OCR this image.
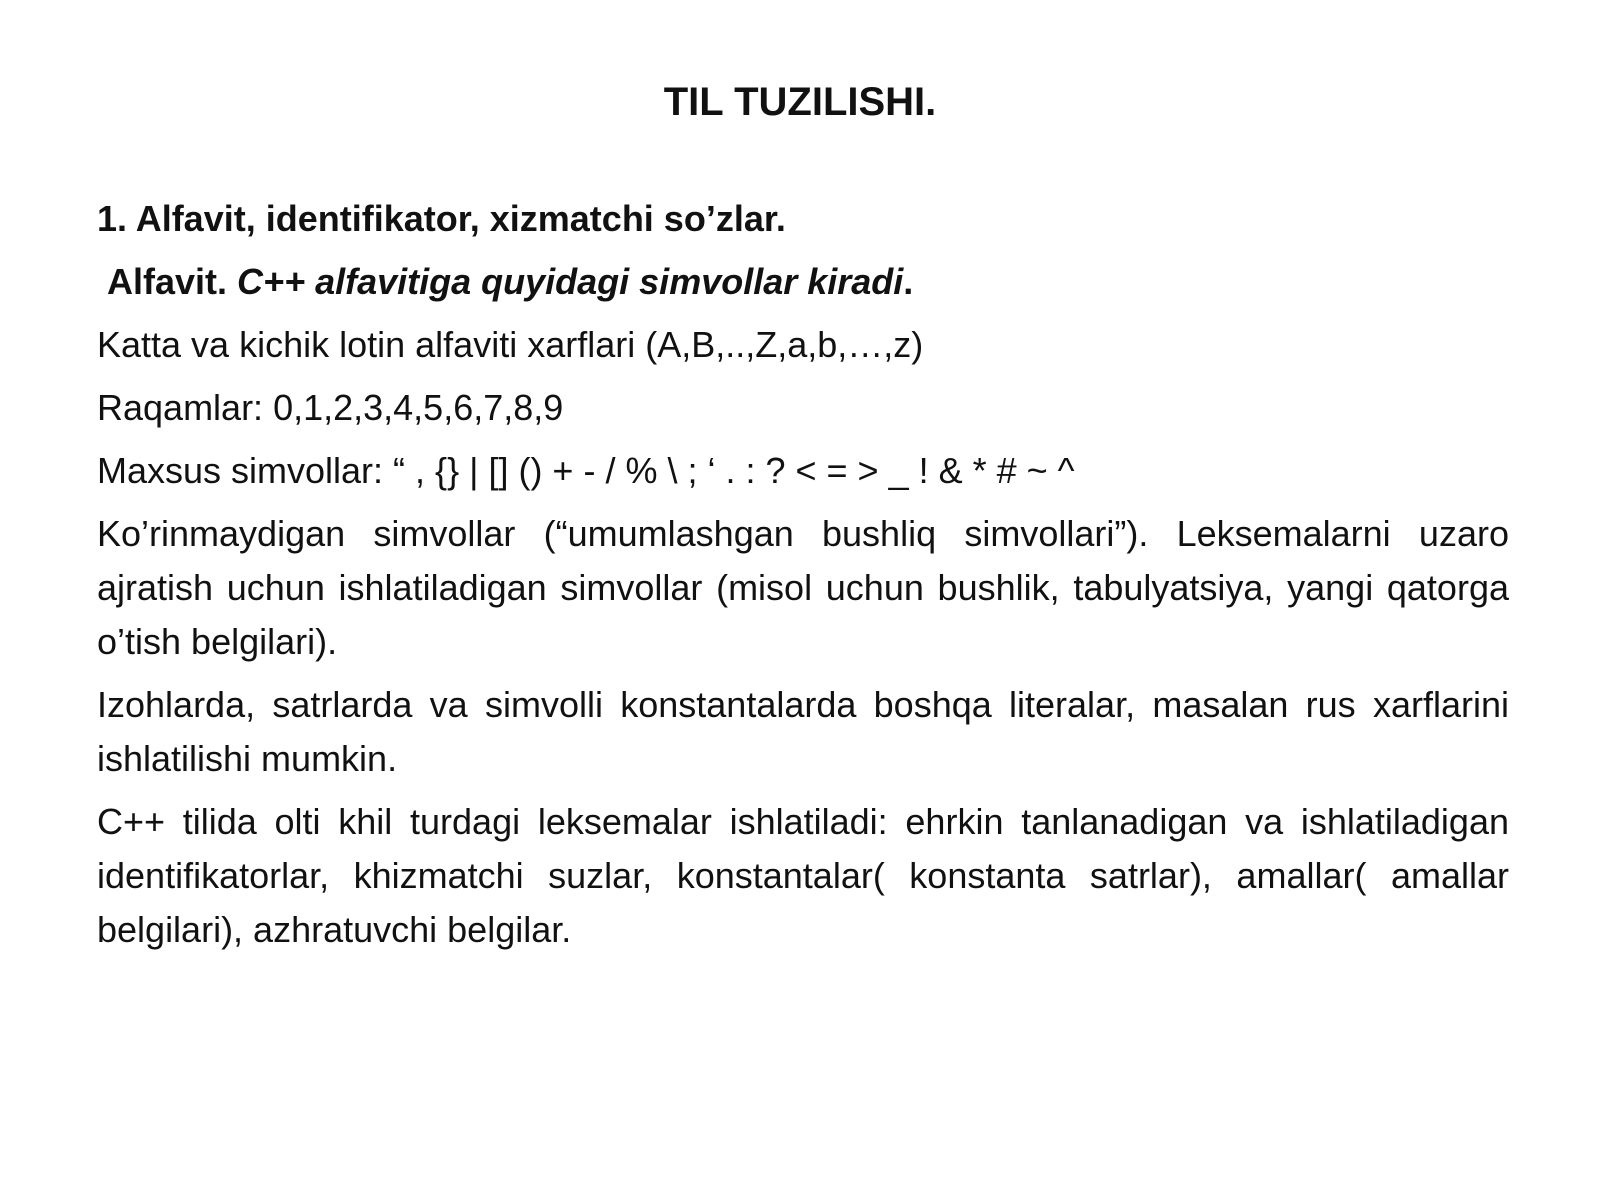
TIL TUZILISHI.

1. Alfavit, identifikator, xizmatchi so’zlar.

Alfavit. C++ alfavitiga quyidagi simvollar kiradi.

Katta va kichik lotin alfaviti xarflari (A,B,..,Z,a,b,…,z)

Raqamlar: 0,1,2,3,4,5,6,7,8,9

Maxsus simvollar: “ , {} | [] () + - / % \ ; ‘ . : ? < = > _ ! & * # ~ ^

Ko’rinmaydigan simvollar (“umumlashgan bushliq simvollari”). Leksemalarni uzaro ajratish uchun ishlatiladigan simvollar (misol uchun bushlik, tabulyatsiya, yangi qatorga o’tish belgilari).

Izohlarda, satrlarda va simvolli konstantalarda boshqa literalar, masalan rus xarflarini ishlatilishi mumkin.

C++ tilida olti khil turdagi leksemalar ishlatiladi: ehrkin tanlanadigan va ishlatiladigan identifikatorlar, khizmatchi suzlar, konstantalar( konstanta satrlar), amallar( amallar belgilari), azhratuvchi belgilar.
